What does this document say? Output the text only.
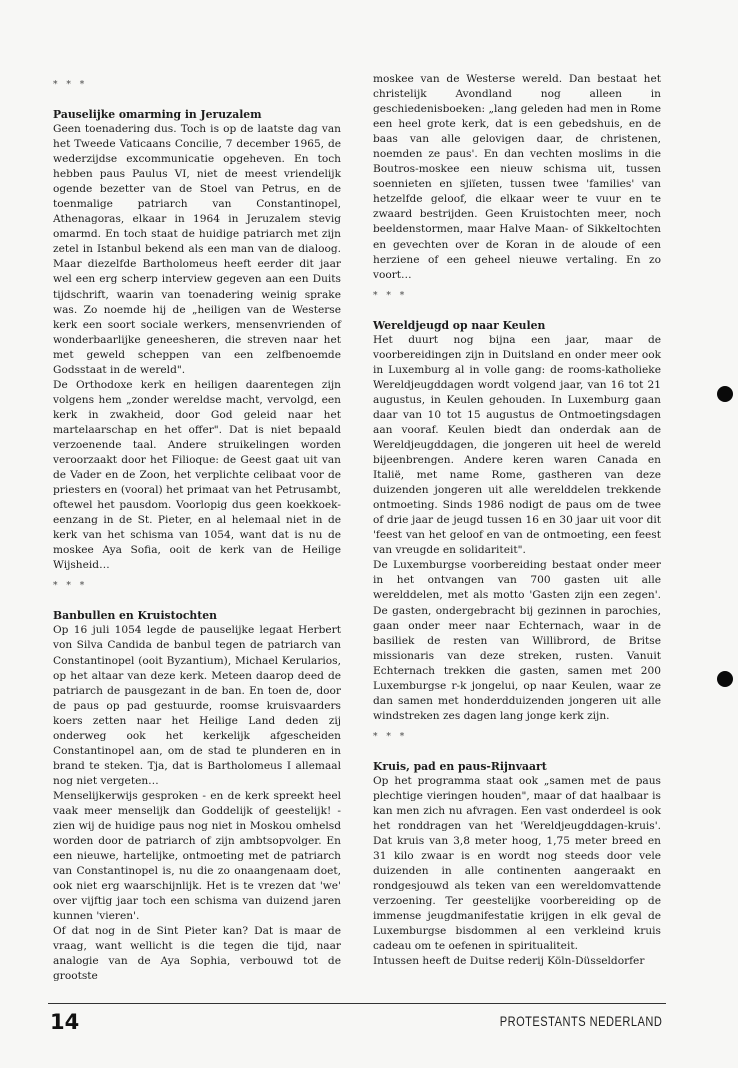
* * *

Pauselijke omarming in Jeruzalem

Geen toenadering dus. Toch is op de laatste dag van het Tweede Vaticaans Concilie, 7 december 1965, de wederzijdse excommunicatie opgeheven. En toch hebben paus Paulus VI, niet de meest vriendelijk ogende bezetter van de Stoel van Petrus, en de toenmalige patriarch van Constantinopel, Athenagoras, elkaar in 1964 in Jeruzalem stevig omarmd. En toch staat de huidige patriarch met zijn zetel in Istanbul bekend als een man van de dialoog. Maar diezelfde Bartholomeus heeft eerder dit jaar wel een erg scherp interview gegeven aan een Duits tijdschrift, waarin van toenadering weinig sprake was. Zo noemde hij de „heiligen van de Westerse kerk een soort sociale werkers, mensenvrienden of wonderbaarlijke geneesheren, die streven naar het met geweld scheppen van een zelfbenoemde Godsstaat in de wereld".

De Orthodoxe kerk en heiligen daarentegen zijn volgens hem „zonder wereldse macht, vervolgd, een kerk in zwakheid, door God geleid naar het martelaarschap en het offer". Dat is niet bepaald verzoenende taal. Andere struikelingen worden veroorzaakt door het Filioque: de Geest gaat uit van de Vader en de Zoon, het verplichte celibaat voor de priesters en (vooral) het primaat van het Petrusambt, oftewel het pausdom. Voorlopig dus geen koekkoek-eenzang in de St. Pieter, en al helemaal niet in de kerk van het schisma van 1054, want dat is nu de moskee Aya Sofia, ooit de kerk van de Heilige Wijsheid…

* * *

Banbullen en Kruistochten

Op 16 juli 1054 legde de pauselijke legaat Herbert von Silva Candida de banbul tegen de patriarch van Constantinopel (ooit Byzantium), Michael Kerularios, op het altaar van deze kerk. Meteen daarop deed de patriarch de pausgezant in de ban. En toen de, door de paus op pad gestuurde, roomse kruisvaarders koers zetten naar het Heilige Land deden zij onderweg ook het kerkelijk afgescheiden Constantinopel aan, om de stad te plunderen en in brand te steken. Tja, dat is Bartholomeus I allemaal nog niet vergeten…

Menselijkerwijs gesproken - en de kerk spreekt heel vaak meer menselijk dan Goddelijk of geestelijk! - zien wij de huidige paus nog niet in Moskou omhelsd worden door de patriarch of zijn ambtsopvolger. En een nieuwe, hartelijke, ontmoeting met de patriarch van Constantinopel is, nu die zo onaangenaam doet, ook niet erg waarschijnlijk. Het is te vrezen dat 'we' over vijftig jaar toch een schisma van duizend jaren kunnen 'vieren'.

Of dat nog in de Sint Pieter kan? Dat is maar de vraag, want wellicht is die tegen die tijd, naar analogie van de Aya Sophia, verbouwd tot de grootste

moskee van de Westerse wereld. Dan bestaat het christelijk Avondland nog alleen in geschiedenisboeken: „lang geleden had men in Rome een heel grote kerk, dat is een gebedshuis, en de baas van alle gelovigen daar, de christenen, noemden ze paus'. En dan vechten moslims in die Boutros-moskee een nieuw schisma uit, tussen soennieten en sjiïeten, tussen twee 'families' van hetzelfde geloof, die elkaar weer te vuur en te zwaard bestrijden. Geen Kruistochten meer, noch beeldenstormen, maar Halve Maan- of Sikkeltochten en gevechten over de Koran in de aloude of een herziene of een geheel nieuwe vertaling. En zo voort…

* * *

Wereldjeugd op naar Keulen

Het duurt nog bijna een jaar, maar de voorbereidingen zijn in Duitsland en onder meer ook in Luxemburg al in volle gang: de rooms-katholieke Wereldjeugddagen wordt volgend jaar, van 16 tot 21 augustus, in Keulen gehouden. In Luxemburg gaan daar van 10 tot 15 augustus de Ontmoetingsdagen aan vooraf. Keulen biedt dan onderdak aan de Wereldjeugddagen, die jongeren uit heel de wereld bijeenbrengen. Andere keren waren Canada en Italië, met name Rome, gastheren van deze duizenden jongeren uit alle werelddelen trekkende ontmoeting. Sinds 1986 nodigt de paus om de twee of drie jaar de jeugd tussen 16 en 30 jaar uit voor dit 'feest van het geloof en van de ontmoeting, een feest van vreugde en solidariteit".

De Luxemburgse voorbereiding bestaat onder meer in het ontvangen van 700 gasten uit alle werelddelen, met als motto 'Gasten zijn een zegen'. De gasten, ondergebracht bij gezinnen in parochies, gaan onder meer naar Echternach, waar in de basiliek de resten van Willibrord, de Britse missionaris van deze streken, rusten. Vanuit Echternach trekken die gasten, samen met 200 Luxemburgse r-k jongelui, op naar Keulen, waar ze dan samen met honderdduizenden jongeren uit alle windstreken zes dagen lang jonge kerk zijn.

* * *

Kruis, pad en paus-Rijnvaart

Op het programma staat ook „samen met de paus plechtige vieringen houden", maar of dat haalbaar is kan men zich nu afvragen. Een vast onderdeel is ook het ronddragen van het 'Wereldjeugddagen-kruis'. Dat kruis van 3,8 meter hoog, 1,75 meter breed en 31 kilo zwaar is en wordt nog steeds door vele duizenden in alle continenten aangeraakt en rondgesjouwd als teken van een wereldomvattende verzoening. Ter geestelijke voorbereiding op de immense jeugdmanifestatie krijgen in elk geval de Luxemburgse bisdommen al een verkleind kruis cadeau om te oefenen in spiritualiteit.

Intussen heeft de Duitse rederij Köln-Düsseldorfer

14	PROTESTANTS NEDERLAND
